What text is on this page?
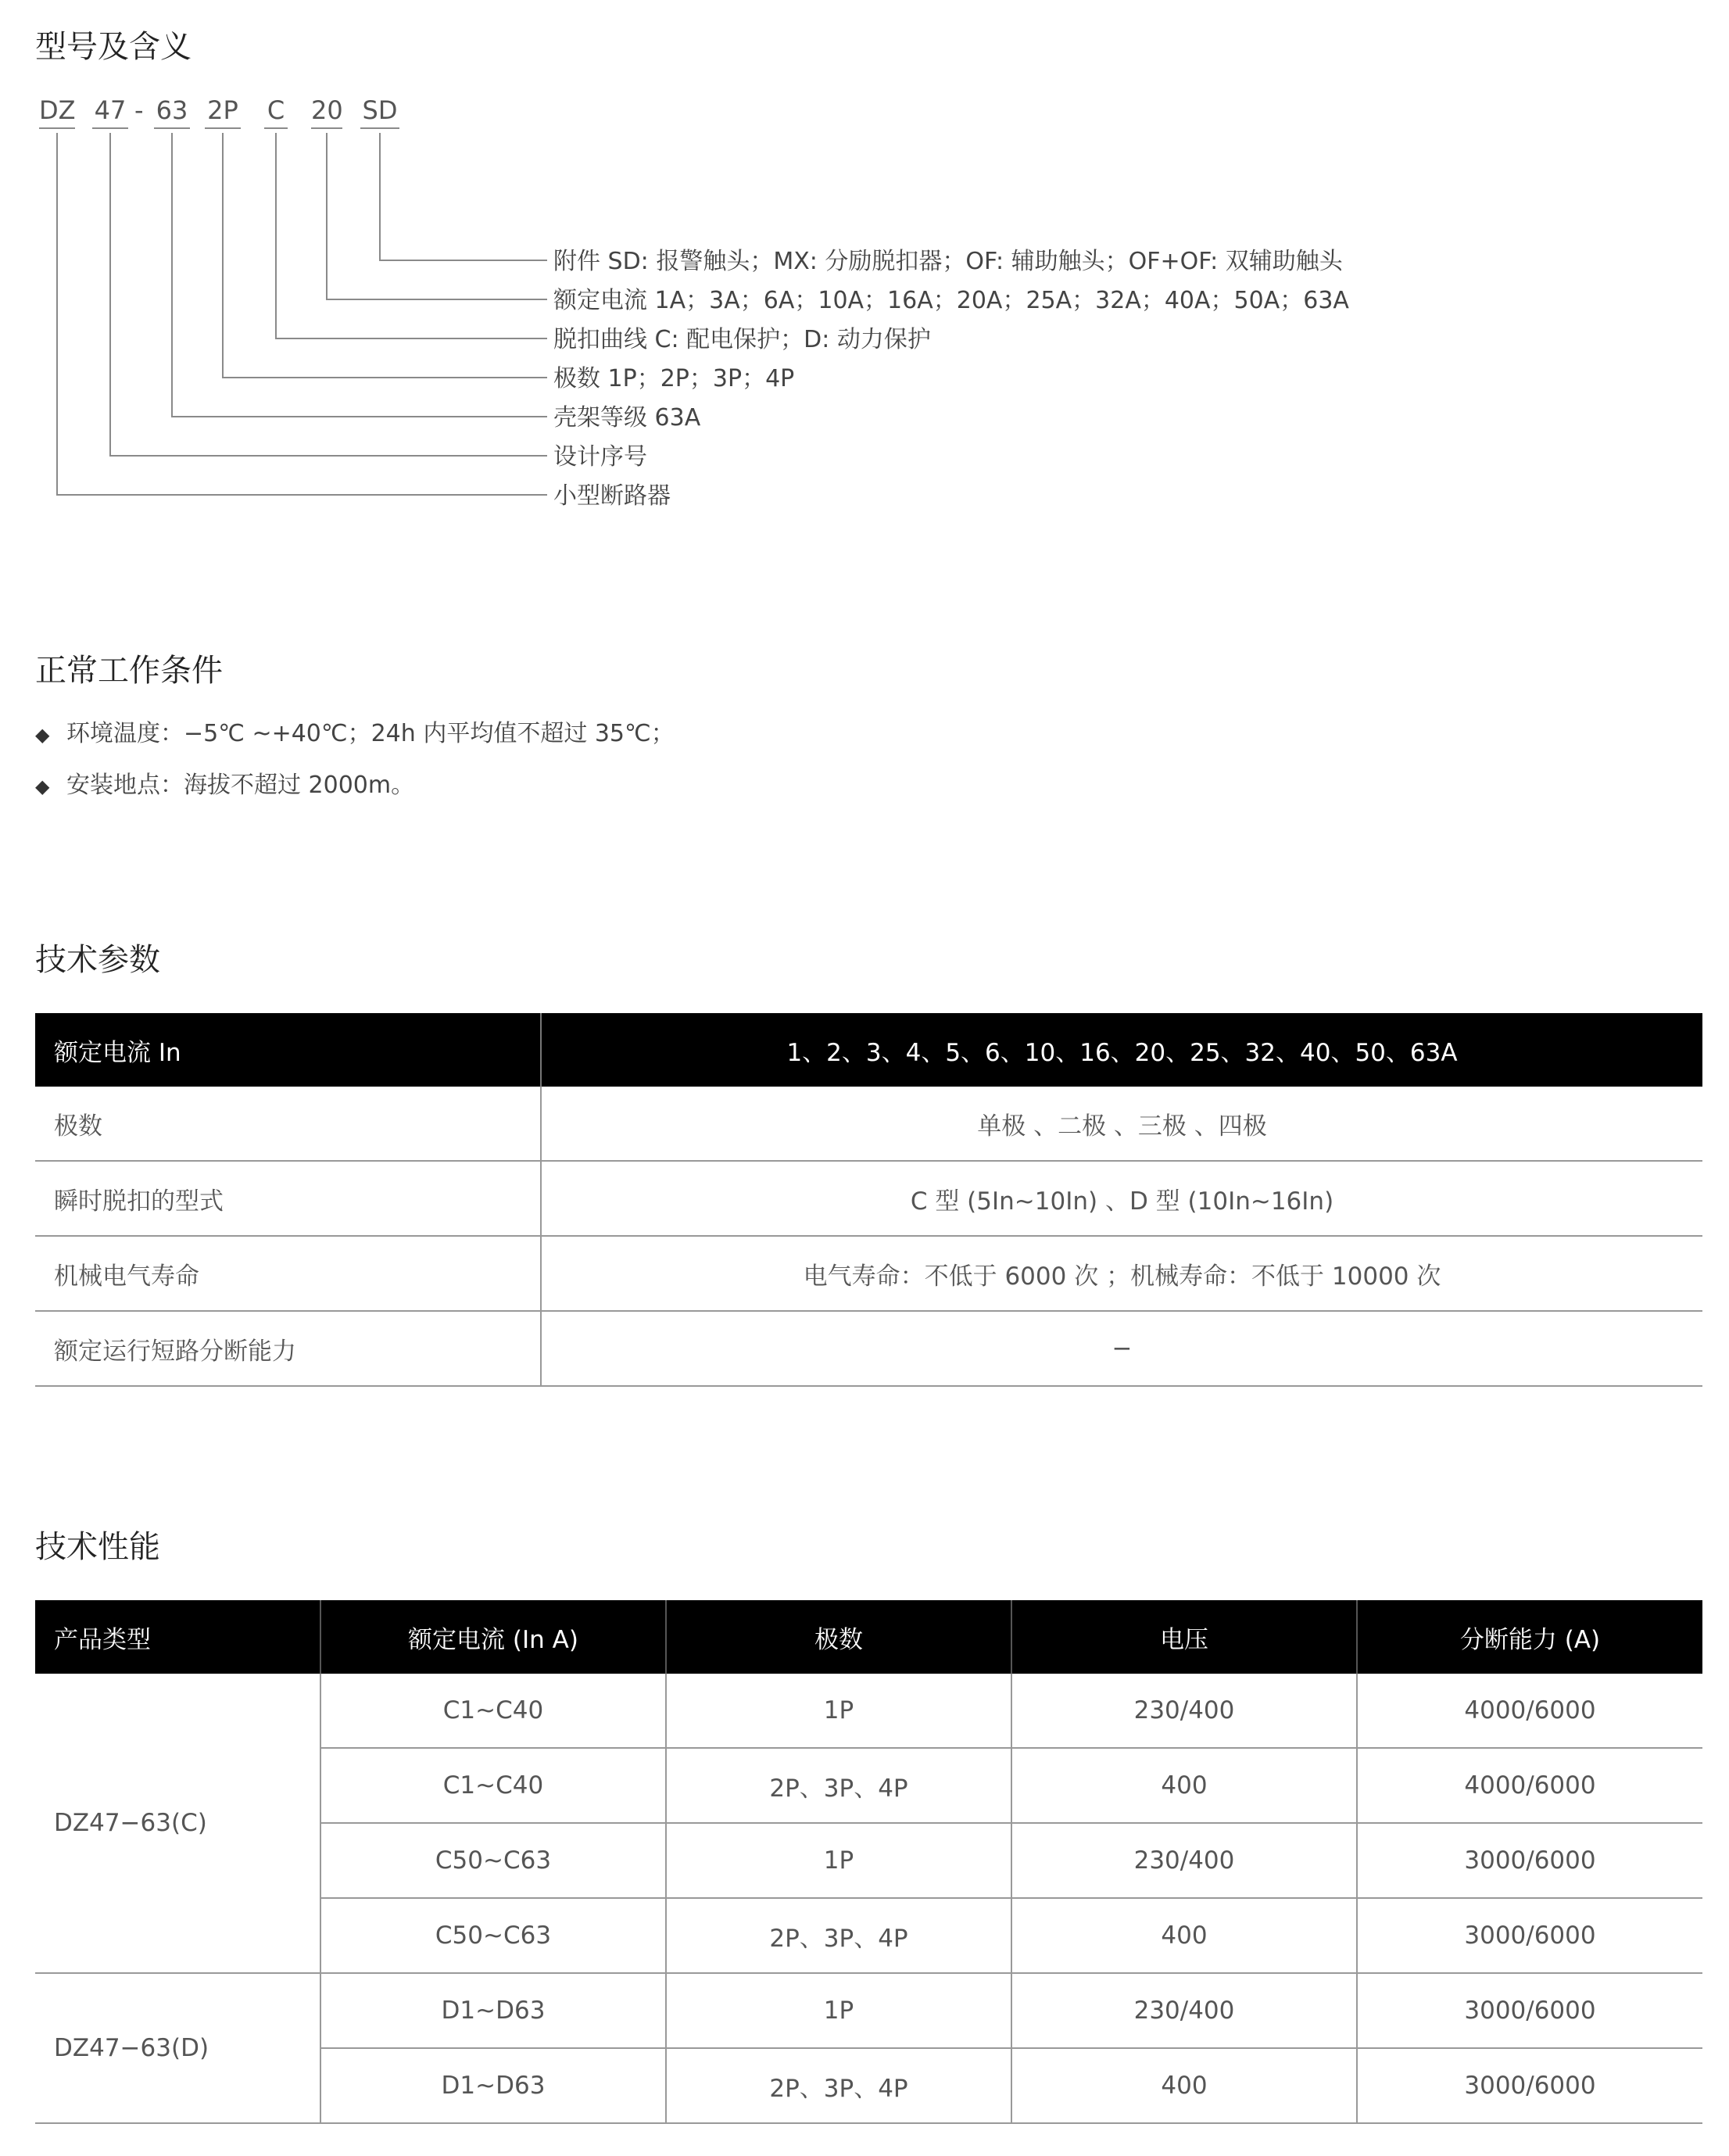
型号及含义
DZ 47 - 63 2P C 20 SD
附件 SD: 报警触头；MX: 分励脱扣器；OF: 辅助触头；OF+OF: 双辅助触头
额定电流 1A；3A；6A；10A；16A；20A；25A；32A；40A；50A；63A
脱扣曲线 C: 配电保护；D: 动力保护
极数 1P；2P；3P；4P
壳架等级 63A
设计序号
小型断路器
正常工作条件
◆ 环境温度：−5℃ ~+40℃；24h 内平均值不超过 35℃；
◆ 安装地点：海拔不超过 2000m。
技术参数
额定电流 In	1、2、3、4、5、6、10、16、20、25、32、40、50、63A
极数	单极 、二极 、三极 、四极
瞬时脱扣的型式	C 型 (5In~10In) 、D 型 (10In~16In)
机械电气寿命	电气寿命：不低于 6000 次 ；机械寿命：不低于 10000 次
额定运行短路分断能力	−
技术性能
产品类型	额定电流 (In A)	极数	电压	分断能力 (A)
DZ47−63(C)	C1~C40	1P	230/400	4000/6000
	C1~C40	2P、3P、4P	400	4000/6000
	C50~C63	1P	230/400	3000/6000
	C50~C63	2P、3P、4P	400	3000/6000
DZ47−63(D)	D1~D63	1P	230/400	3000/6000
	D1~D63	2P、3P、4P	400	3000/6000
